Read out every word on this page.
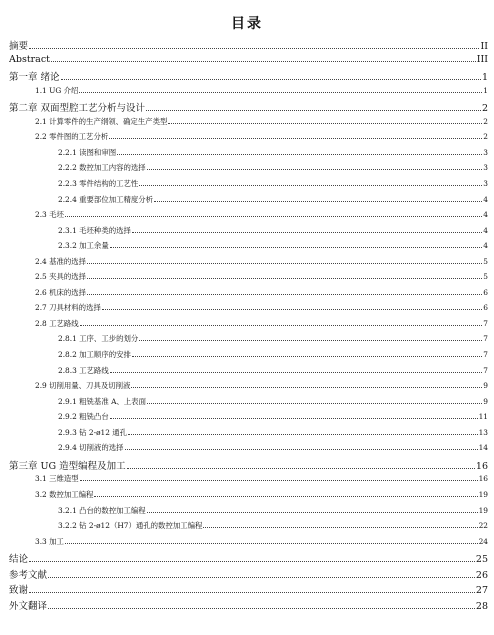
目录
摘要	II
Abstract	III
第一章 绪论	1
1.1 UG 介绍	1
第二章 双面型腔工艺分析与设计	2
2.1 计算零件的生产纲领、确定生产类型	2
2.2 零件图的工艺分析	2
2.2.1 读图和审图	3
2.2.2 数控加工内容的选择	3
2.2.3 零件结构的工艺性	3
2.2.4 重要部位加工精度分析	4
2.3 毛坯	4
2.3.1 毛坯种类的选择	4
2.3.2 加工余量	4
2.4 基准的选择	5
2.5 夹具的选择	5
2.6 机床的选择	6
2.7 刀具材料的选择	6
2.8 工艺路线	7
2.8.1 工序、工步的划分	7
2.8.2 加工顺序的安排	7
2.8.3 工艺路线	7
2.9 切削用量、刀具及切削液	9
2.9.1 粗铣基准 A、上表面	9
2.9.2 粗铣凸台	11
2.9.3 钻 2-ø12 通孔	13
2.9.4 切削液的选择	14
第三章 UG 造型编程及加工	16
3.1 三维造型	16
3.2 数控加工编程	19
3.2.1 凸台的数控加工编程	19
3.2.2 钻 2-ø12（H7）通孔的数控加工编程	22
3.3 加工	24
结论	25
参考文献	26
致谢	27
外文翻译	28
